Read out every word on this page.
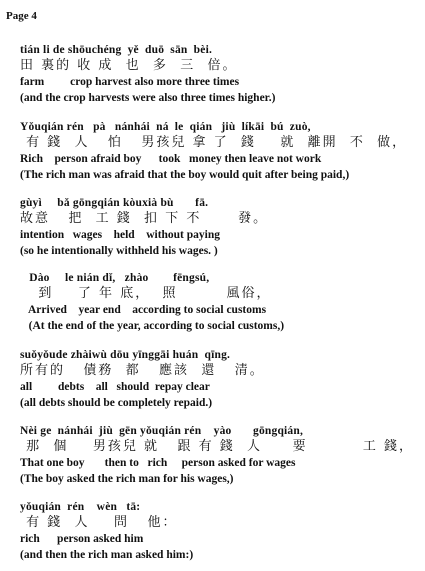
Page 4
tián li de shōuchéng  yě  duō  sān  bèi.
田 裏的 收 成  也  多  三  倍。
farm         crop harvest also more three times
(and the crop harvests were also three times higher.)
Yǒuqián rén   pà   nánhái  ná  le  qián   jiù  líkāi  bú  zuò,
有 錢  人   怕   男孩兒 拿 了  錢    就  離開  不  做，
Rich    person afraid boy      took   money then leave not work
(The rich man was afraid that the boy would quit after being paid,)
gùyì     bǎ gōngqián kòuxià bù       fā.
故意   把  工 錢  扣 下 不      發。
intention   wages    held    without paying
(so he intentionally withheld his wages. )
Dào     le nián dǐ,   zhào        fēngsú,
到    了 年 底，  照        風俗，
Arrived    year end    according to social customs
(At the end of the year, according to social customs,)
suǒyǒude zhàiwù dōu yīnggāi huán  qīng.
所有的   債務  都   應該  還   清。
all         debts    all   should  repay clear
(all debts should be completely repaid.)
Nèi ge  nánhái  jiù  gēn yǒuqián rén    yào       gōngqián,
那  個    男孩兒 就   跟 有 錢  人     要         工 錢，
That one boy       then to   rich     person asked for wages
(The boy asked the rich man for his wages,)
yǒuqián  rén    wèn   tā:
有 錢  人    問   他：
rich      person asked him
(and then the rich man asked him:)
